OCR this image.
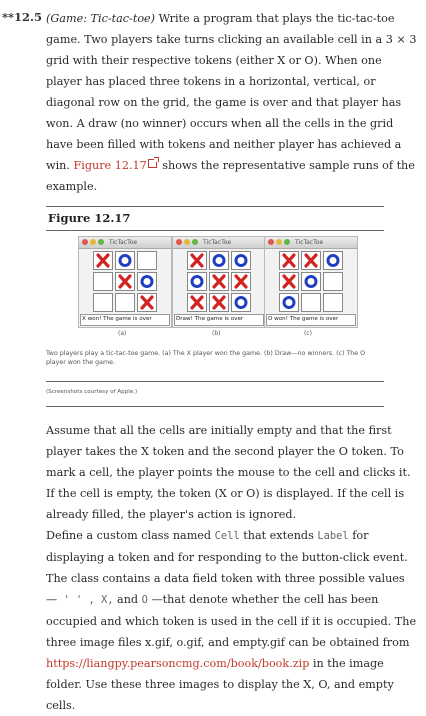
**12.5 (Game: Tic-tac-toe) Write a program that plays the tic-tac-toe game. Two players take turns clicking an available cell in a 3 × 3 grid with their respective tokens (either X or O). When one player has placed three tokens in a horizontal, vertical, or diagonal row on the grid, the game is over and that player has won. A draw (no winner) occurs when all the cells in the grid have been filled with tokens and neither player has achieved a win. Figure 12.17 shows the representative sample runs of the example.
Figure 12.17
TicTacToe
X won! The game is over
TicTacToe
Draw! The game is over
TicTacToe
O won! The game is over
(a)	(b)	(c)
Two players play a tic-tac-toe game. (a) The X player won the game. (b) Draw—no winners. (c) The O player won the game.
(Screenshots courtesy of Apple.)
Assume that all the cells are initially empty and that the first player takes the X token and the second player the O token. To mark a cell, the player points the mouse to the cell and clicks it. If the cell is empty, the token (X or O) is displayed. If the cell is already filled, the player's action is ignored.
Define a custom class named Cell that extends Label for displaying a token and for responding to the button-click event. The class contains a data field token with three possible values — ' ' , X, and O —that denote whether the cell has been occupied and which token is used in the cell if it is occupied. The three image files x.gif, o.gif, and empty.gif can be obtained from https://liangpy.pearsoncmg.com/book/book.zip in the image folder. Use these three images to display the X, O, and empty cells.
